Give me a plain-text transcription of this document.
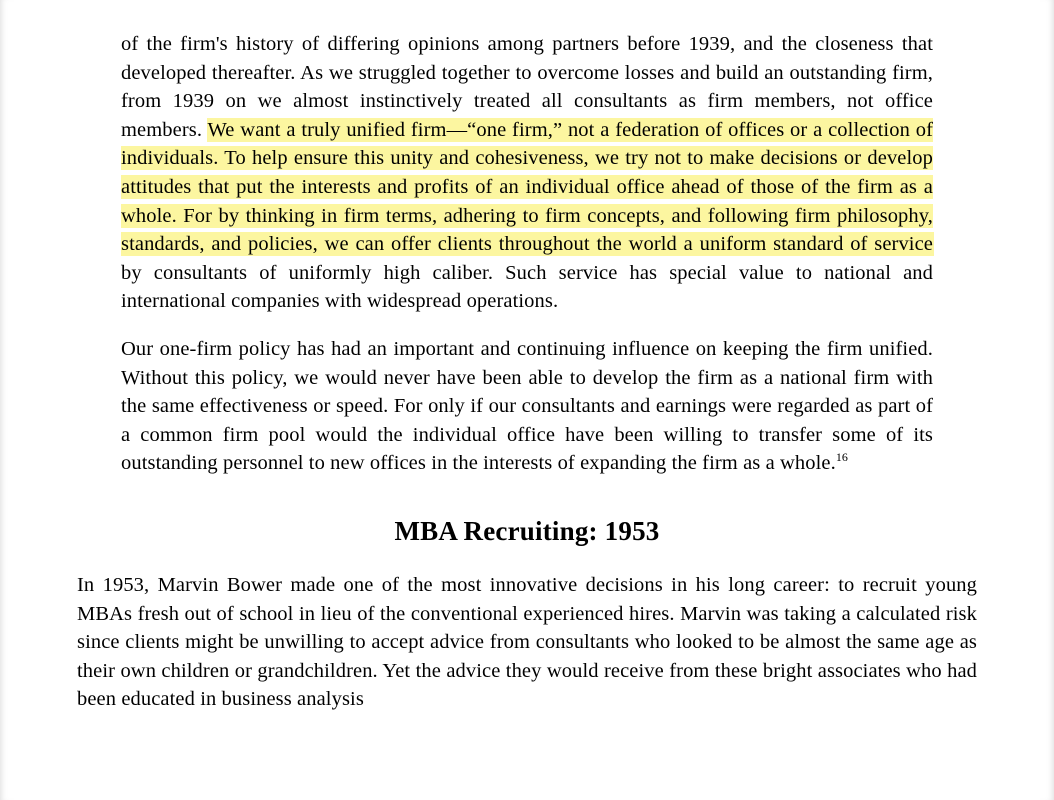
of the firm's history of differing opinions among partners before 1939, and the closeness that developed thereafter. As we struggled together to overcome losses and build an outstanding firm, from 1939 on we almost instinctively treated all consultants as firm members, not office members. We want a truly unified firm—“one firm,” not a federation of offices or a collection of individuals. To help ensure this unity and cohesiveness, we try not to make decisions or develop attitudes that put the interests and profits of an individual office ahead of those of the firm as a whole. For by thinking in firm terms, adhering to firm concepts, and following firm philosophy, standards, and policies, we can offer clients throughout the world a uniform standard of service by consultants of uniformly high caliber. Such service has special value to national and international companies with widespread operations.

Our one-firm policy has had an important and continuing influence on keeping the firm unified. Without this policy, we would never have been able to develop the firm as a national firm with the same effectiveness or speed. For only if our consultants and earnings were regarded as part of a common firm pool would the individual office have been willing to transfer some of its outstanding personnel to new offices in the interests of expanding the firm as a whole.$^{16}$

MBA Recruiting: 1953

In 1953, Marvin Bower made one of the most innovative decisions in his long career: to recruit young MBAs fresh out of school in lieu of the conventional experienced hires. Marvin was taking a calculated risk since clients might be unwilling to accept advice from consultants who looked to be almost the same age as their own children or grandchildren. Yet the advice they would receive from these bright associates who had been educated in business analysis
